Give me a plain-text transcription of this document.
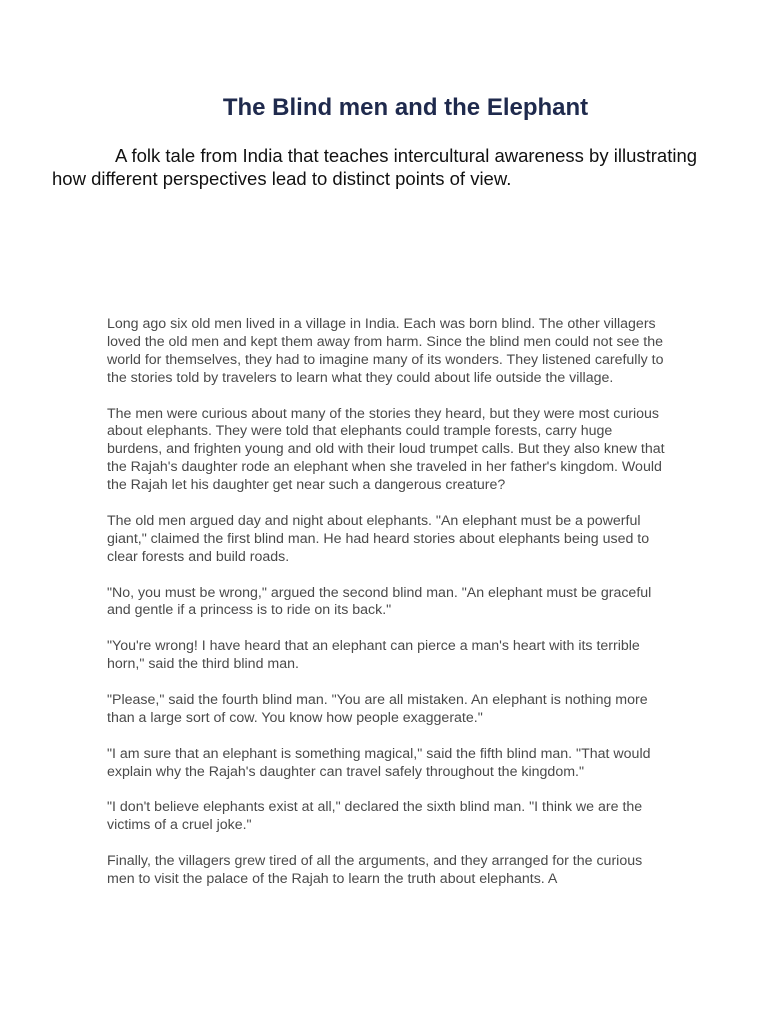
The Blind men and the Elephant

A folk tale from India that teaches intercultural awareness by illustrating how different perspectives lead to distinct points of view.

Long ago six old men lived in a village in India. Each was born blind. The other villagers loved the old men and kept them away from harm. Since the blind men could not see the world for themselves, they had to imagine many of its wonders. They listened carefully to the stories told by travelers to learn what they could about life outside the village.

The men were curious about many of the stories they heard, but they were most curious about elephants. They were told that elephants could trample forests, carry huge burdens, and frighten young and old with their loud trumpet calls. But they also knew that the Rajah's daughter rode an elephant when she traveled in her father's kingdom. Would the Rajah let his daughter get near such a dangerous creature?

The old men argued day and night about elephants. "An elephant must be a powerful giant," claimed the first blind man. He had heard stories about elephants being used to clear forests and build roads.

"No, you must be wrong," argued the second blind man. "An elephant must be graceful and gentle if a princess is to ride on its back."

"You're wrong! I have heard that an elephant can pierce a man's heart with its terrible horn," said the third blind man.

"Please," said the fourth blind man. "You are all mistaken. An elephant is nothing more than a large sort of cow. You know how people exaggerate."

"I am sure that an elephant is something magical," said the fifth blind man. "That would explain why the Rajah's daughter can travel safely throughout the kingdom."

"I don't believe elephants exist at all," declared the sixth blind man. "I think we are the victims of a cruel joke."

Finally, the villagers grew tired of all the arguments, and they arranged for the curious men to visit the palace of the Rajah to learn the truth about elephants. A
